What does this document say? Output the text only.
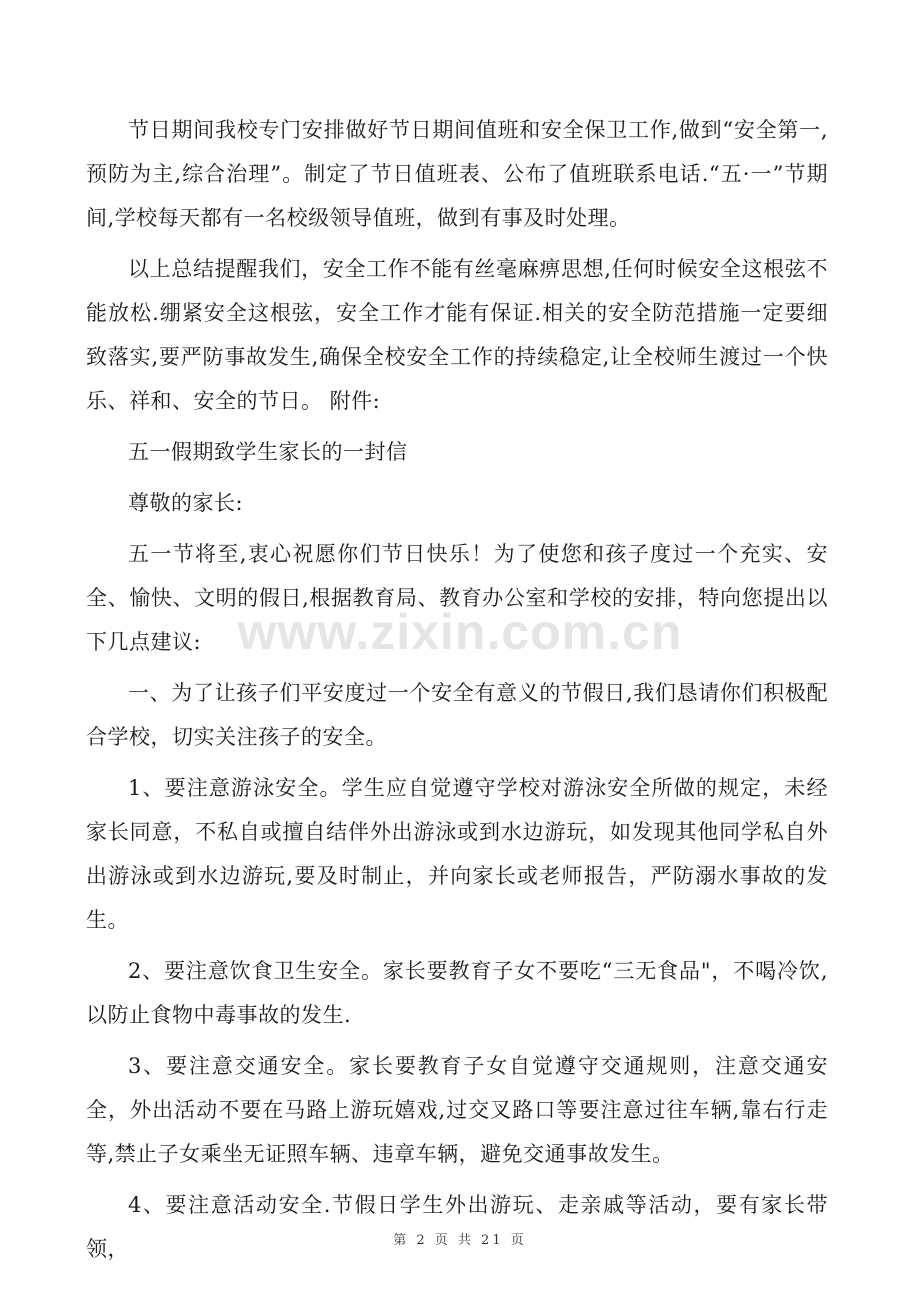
节日期间我校专门安排做好节日期间值班和安全保卫工作,做到“安全第一,预防为主,综合治理”。制定了节日值班表、公布了值班联系电话.“五·一”节期间,学校每天都有一名校级领导值班，做到有事及时处理。

以上总结提醒我们，安全工作不能有丝毫麻痹思想,任何时候安全这根弦不能放松.绷紧安全这根弦，安全工作才能有保证.相关的安全防范措施一定要细致落实,要严防事故发生,确保全校安全工作的持续稳定,让全校师生渡过一个快乐、祥和、安全的节日。 附件:

五一假期致学生家长的一封信

尊敬的家长:

五一节将至,衷心祝愿你们节日快乐！为了使您和孩子度过一个充实、安全、愉快、文明的假日,根据教育局、教育办公室和学校的安排，特向您提出以下几点建议:

一、为了让孩子们平安度过一个安全有意义的节假日,我们恳请你们积极配合学校，切实关注孩子的安全。

1、要注意游泳安全。学生应自觉遵守学校对游泳安全所做的规定，未经家长同意，不私自或擅自结伴外出游泳或到水边游玩，如发现其他同学私自外出游泳或到水边游玩,要及时制止，并向家长或老师报告，严防溺水事故的发生。

2、要注意饮食卫生安全。家长要教育子女不要吃“三无食品"，不喝冷饮,以防止食物中毒事故的发生.

3、要注意交通安全。家长要教育子女自觉遵守交通规则，注意交通安全，外出活动不要在马路上游玩嬉戏,过交叉路口等要注意过往车辆,靠右行走等,禁止子女乘坐无证照车辆、违章车辆，避免交通事故发生。

4、要注意活动安全.节假日学生外出游玩、走亲戚等活动，要有家长带领，

www.zixin.com.cn
第 2 页 共 21 页
